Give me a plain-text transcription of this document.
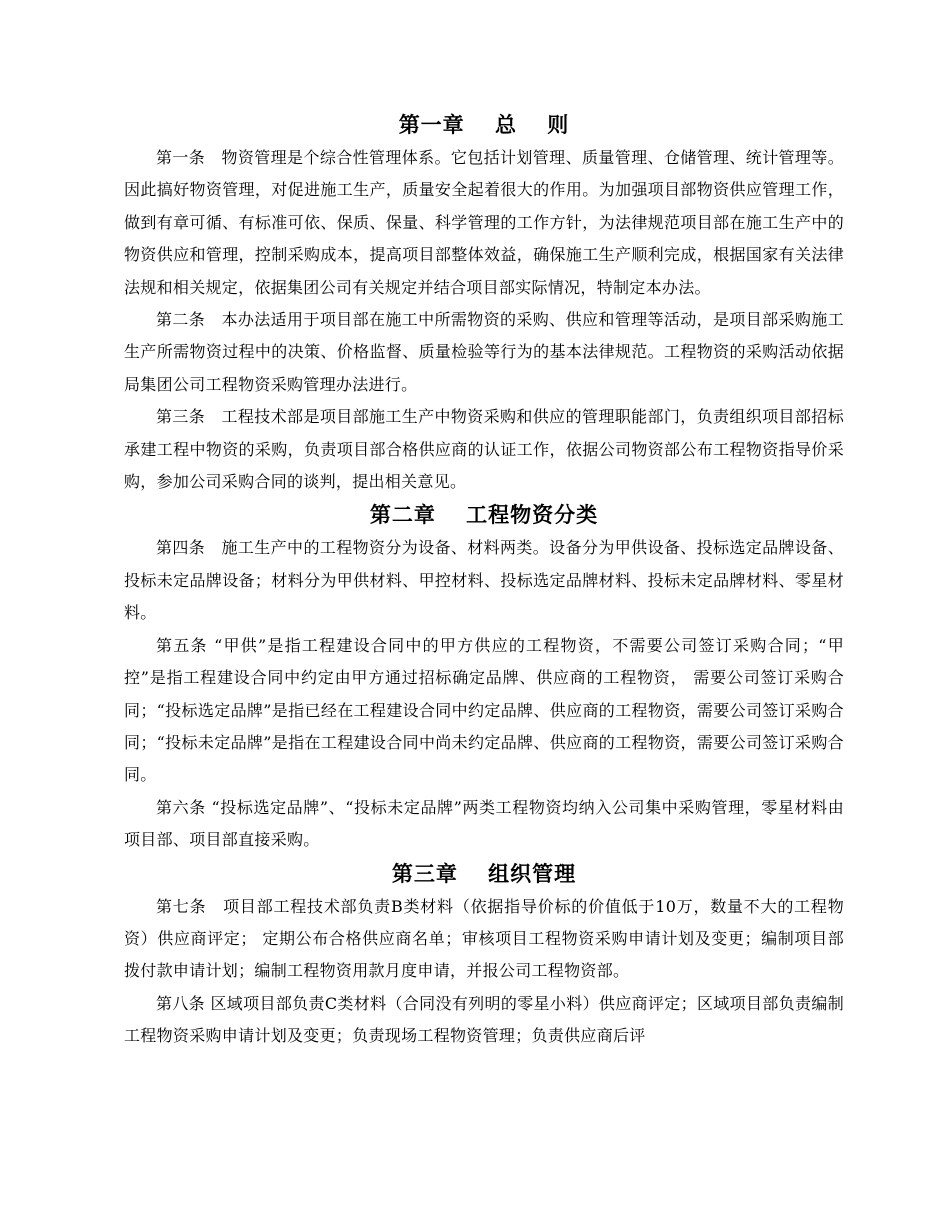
第一章　 总　 则

第一条　物资管理是个综合性管理体系。它包括计划管理、质量管理、仓储管理、统计管理等。因此搞好物资管理，对促进施工生产，质量安全起着很大的作用。为加强项目部物资供应管理工作，做到有章可循、有标准可依、保质、保量、科学管理的工作方针，为法律规范项目部在施工生产中的物资供应和管理，控制采购成本，提高项目部整体效益，确保施工生产顺利完成，根据国家有关法律法规和相关规定，依据集团公司有关规定并结合项目部实际情况，特制定本办法。

第二条　本办法适用于项目部在施工中所需物资的采购、供应和管理等活动，是项目部采购施工生产所需物资过程中的决策、价格监督、质量检验等行为的基本法律规范。工程物资的采购活动依据局集团公司工程物资采购管理办法进行。

第三条　工程技术部是项目部施工生产中物资采购和供应的管理职能部门，负责组织项目部招标承建工程中物资的采购，负责项目部合格供应商的认证工作，依据公司物资部公布工程物资指导价采购，参加公司采购合同的谈判，提出相关意见。

第二章　 工程物资分类

第四条　施工生产中的工程物资分为设备、材料两类。设备分为甲供设备、投标选定品牌设备、投标未定品牌设备；材料分为甲供材料、甲控材料、投标选定品牌材料、投标未定品牌材料、零星材料。

第五条 “甲供”是指工程建设合同中的甲方供应的工程物资，不需要公司签订采购合同；“甲控”是指工程建设合同中约定由甲方通过招标确定品牌、供应商的工程物资， 需要公司签订采购合同；“投标选定品牌”是指已经在工程建设合同中约定品牌、供应商的工程物资，需要公司签订采购合同；“投标未定品牌”是指在工程建设合同中尚未约定品牌、供应商的工程物资，需要公司签订采购合同。

第六条 “投标选定品牌”、“投标未定品牌”两类工程物资均纳入公司集中采购管理，零星材料由项目部、项目部直接采购。

第三章　 组织管理

第七条　项目部工程技术部负责B类材料（依据指导价标的价值低于10万，数量不大的工程物资）供应商评定； 定期公布合格供应商名单；审核项目工程物资采购申请计划及变更；编制项目部拨付款申请计划；编制工程物资用款月度申请，并报公司工程物资部。

第八条 区域项目部负责C类材料（合同没有列明的零星小料）供应商评定；区域项目部负责编制工程物资采购申请计划及变更；负责现场工程物资管理；负责供应商后评
